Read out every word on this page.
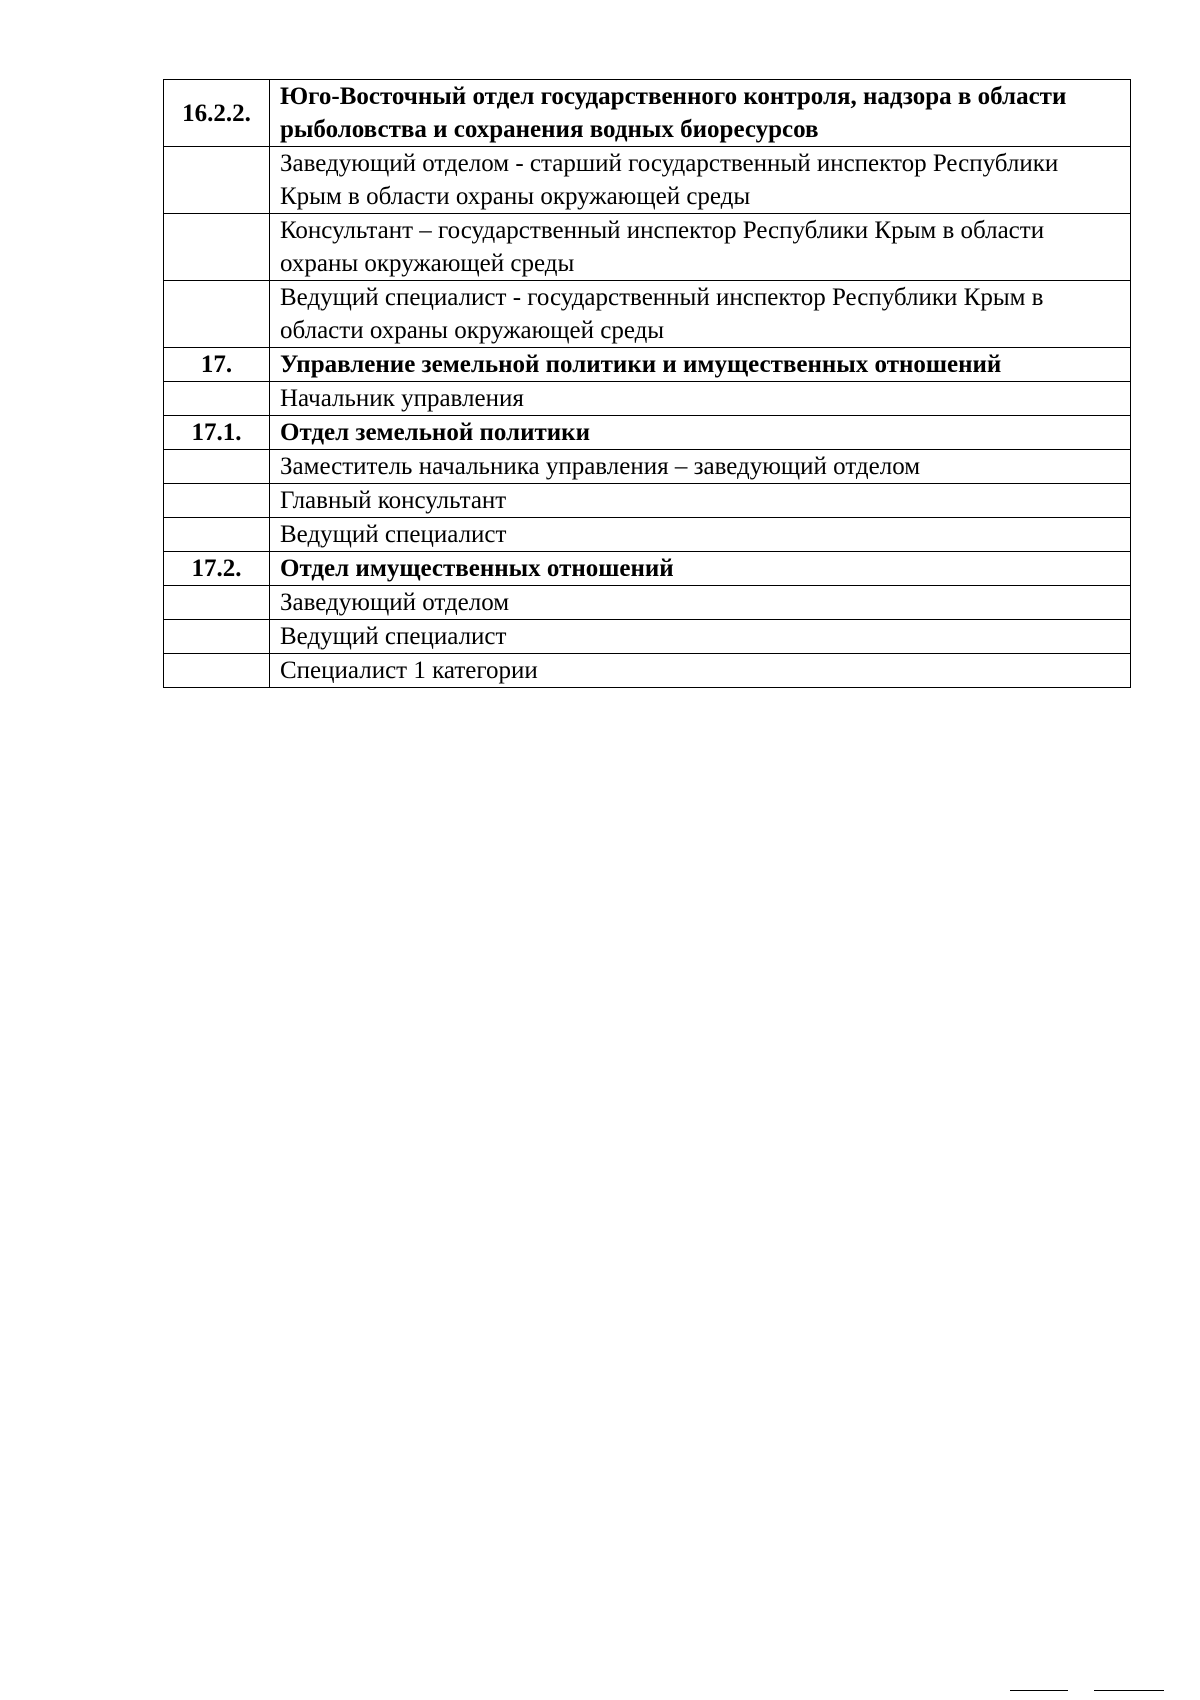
16.2.2.	Юго-Восточный отдел государственного контроля, надзора в области рыболовства и сохранения водных биоресурсов
	Заведующий отделом - старший государственный инспектор Республики Крым в области охраны окружающей среды
	Консультант – государственный инспектор Республики Крым в области охраны окружающей среды
	Ведущий специалист - государственный инспектор Республики Крым в области охраны окружающей среды
17.	Управление земельной политики и имущественных отношений
	Начальник управления
17.1.	Отдел земельной политики
	Заместитель начальника управления – заведующий отделом
	Главный консультант
	Ведущий специалист
17.2.	Отдел имущественных отношений
	Заведующий отделом
	Ведущий специалист
	Специалист 1 категории
